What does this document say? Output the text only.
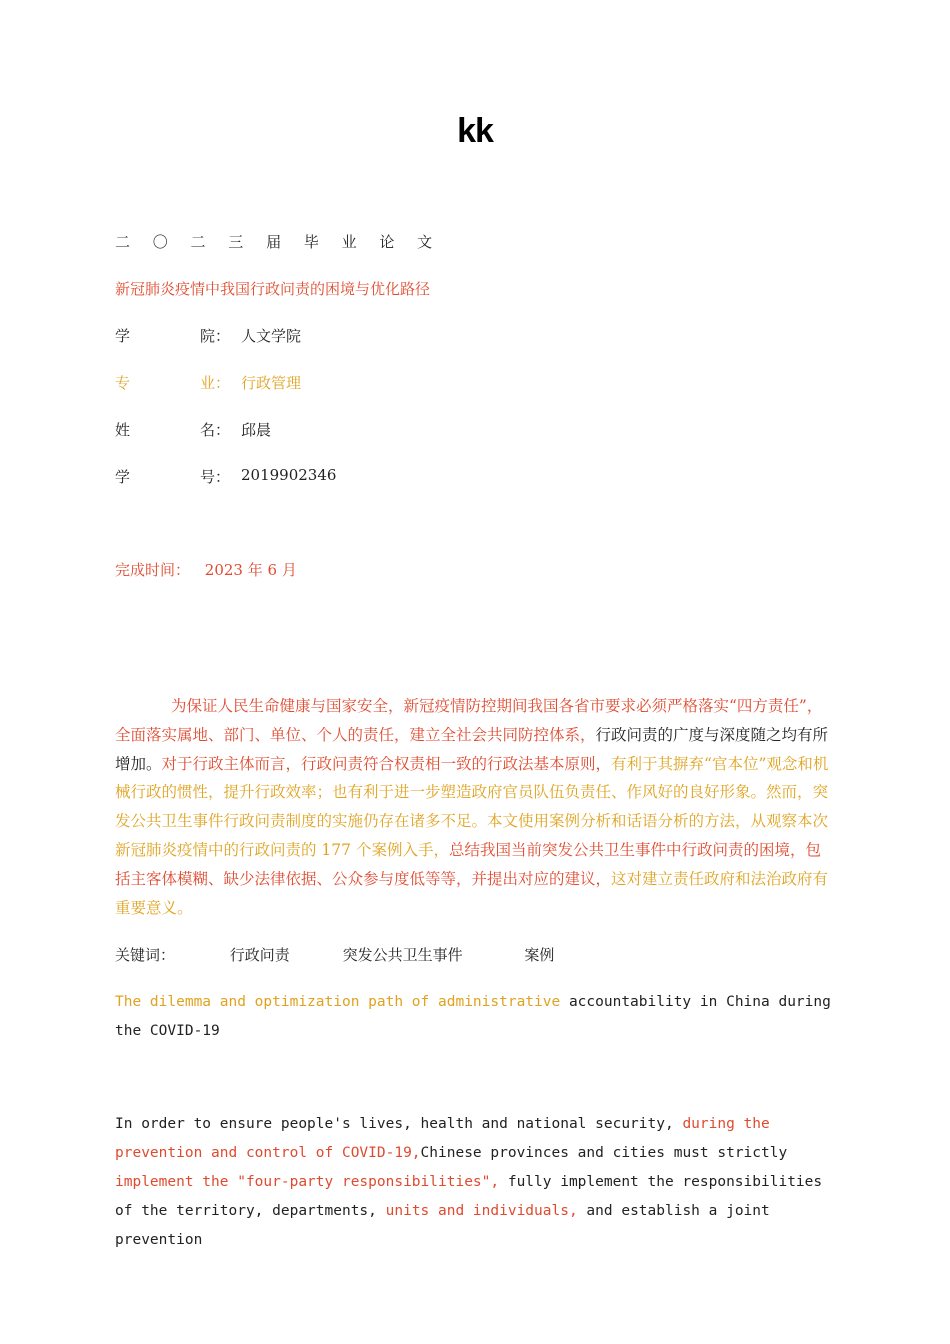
kk
二 〇 二 三 届 毕 业 论 文
新冠肺炎疫情中我国行政问责的困境与优化路径
学	院： 人文学院
专	业： 行政管理
姓	名： 邱晨
学	号： 2019902346
完成时间： 2023 年 6 月
为保证人民生命健康与国家安全，新冠疫情防控期间我国各省市要求必须严格落实“四方责任”，全面落实属地、部门、单位、个人的责任，建立全社会共同防控体系，行政问责的广度与深度随之均有所增加。对于行政主体而言，行政问责符合权责相一致的行政法基本原则，有利于其摒弃“官本位”观念和机械行政的惯性，提升行政效率；也有利于进一步塑造政府官员队伍负责任、作风好的良好形象。然而，突发公共卫生事件行政问责制度的实施仍存在诸多不足。本文使用案例分析和话语分析的方法，从观察本次新冠肺炎疫情中的行政问责的 177 个案例入手，总结我国当前突发公共卫生事件中行政问责的困境，包括主客体模糊、缺少法律依据、公众参与度低等等，并提出对应的建议，这对建立责任政府和法治政府有重要意义。
关键词：	行政问责	突发公共卫生事件	案例
The dilemma and optimization path of administrative accountability in China during the COVID-19
In order to ensure people's lives, health and national security, during the prevention and control of COVID-19,Chinese provinces and cities must strictly implement the "four-party responsibilities", fully implement the responsibilities of the territory, departments, units and individuals, and establish a joint prevention
